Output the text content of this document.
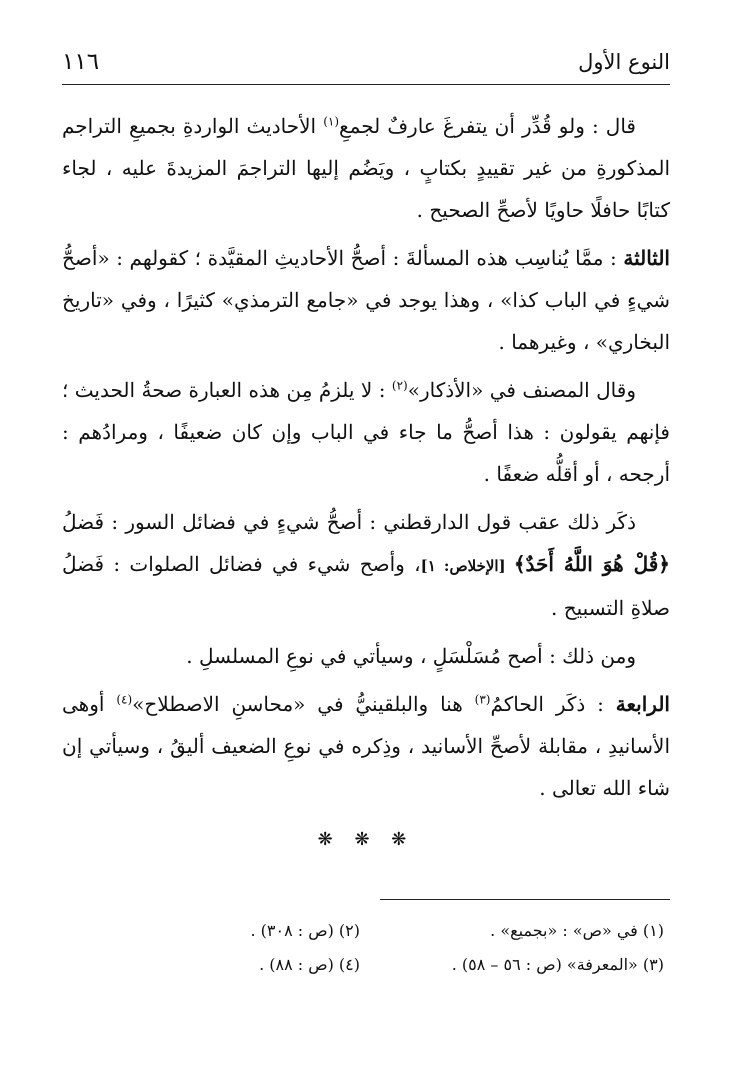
النوع الأول
١١٦

قال : ولو قُدِّر أن يتفرغَ عارفٌ لجمعِ$^{(١)}$ الأحاديث الواردةِ بجميعِ التراجم المذكورةِ من غير تقييدٍ بكتابٍ ، ويَضُم إليها التراجمَ المزيدةَ عليه ، لجاء كتابًا حافلًا حاويًا لأصحِّ الصحيح .

الثالثة : ممَّا يُناسِب هذه المسألةَ : أصحُّ الأحاديثِ المقيَّدة ؛ كقولهم : «أصحُّ شيءٍ في الباب كذا» ، وهذا يوجد في «جامع الترمذي» كثيرًا ، وفي «تاريخ البخاري» ، وغيرهما .

وقال المصنف في «الأذكار»$^{(٢)}$ : لا يلزمُ مِن هذه العبارة صحةُ الحديث ؛ فإنهم يقولون : هذا أصحُّ ما جاء في الباب وإن كان ضعيفًا ، ومرادُهم : أرجحه ، أو أقلُّه ضعفًا .

ذكَر ذلك عقب قول الدارقطني : أصحُّ شيءٍ في فضائل السور : فَضلُ ﴿قُلْ هُوَ اللَّهُ أَحَدٌ﴾ [الإخلاص: ١]، وأصح شيء في فضائل الصلوات : فَضلُ صلاةِ التسبيح .

ومن ذلك : أصح مُسَلْسَلٍ ، وسيأتي في نوعِ المسلسلِ .

الرابعة : ذكَر الحاكمُ$^{(٣)}$ هنا والبلقينيُّ في «محاسنِ الاصطلاح»$^{(٤)}$ أوهى الأسانيدِ ، مقابلة لأصحِّ الأسانيد ، وذِكره في نوعِ الضعيف أليقُ ، وسيأتي إن شاء الله تعالى .

❋ ❋ ❋
(١) في «ص» : «بجميع» .
(٢) (ص : ٣٠٨) .
(٣) «المعرفة» (ص : ٥٦ – ٥٨) .
(٤) (ص : ٨٨) .
